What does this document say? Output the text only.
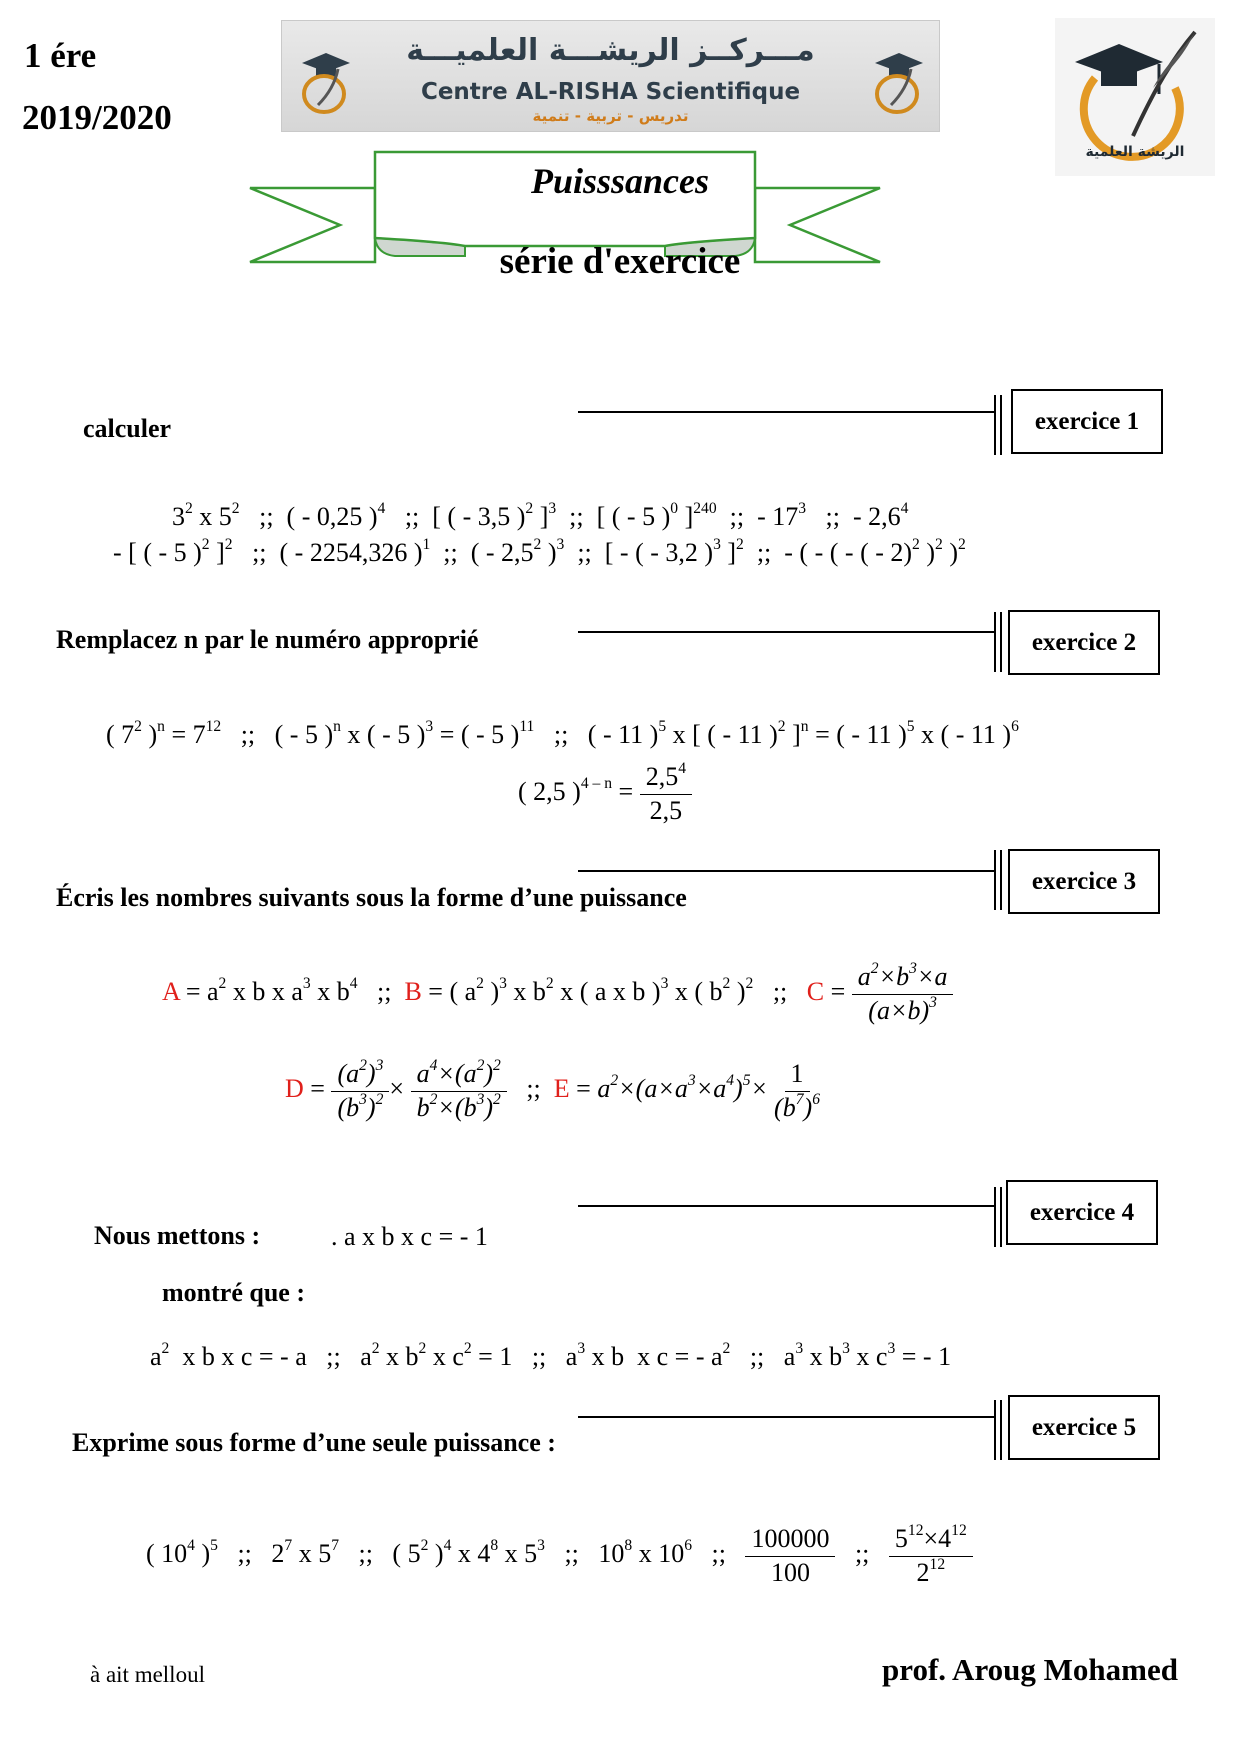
1 ére
2019/2020
مـــركــز الريشـــة العلميـــة
Centre AL-RISHA Scientifique
تدريس - تربية - تنمية
الريشة العلمية
Puisssances
série d'exercice
exercice 1
calculer
$3^2$ x $5^2$   ;;  ( - 0,25 )$^4$   ;;  [ ( - 3,5 )$^2$ ]$^3$  ;;  [ ( - 5 )$^0$ ]$^{240}$  ;;  - $17^3$   ;;  - $2,6^4$
- [ ( - 5 )$^2$ ]$^2$   ;;  ( - 2254,326 )$^1$  ;;  ( - $2,5^2$ )$^3$  ;;  [ - ( - 3,2 )$^3$ ]$^2$  ;;  - ( - ( - ( - 2)$^2$ )$^2$ )$^2$
exercice 2
Remplacez n par le numéro approprié
( $7^2$ )$^n = 7^{12}$   ;;   ( - 5 )$^n$ x ( - 5 )$^3$ = ( - 5 )$^{11}$   ;;   ( - 11 )$^5$ x [ ( - 11 )$^2$ ]$^n$ = ( - 11 )$^5$ x ( - 11 )$^6$
( 2,5 )$^{4 - n} = \frac{2,5^4}{2,5}$
exercice 3
Écris les nombres suivants sous la forme d’une puissance
$A = a^2$ x b x $a^3$ x $b^4$   ;;  B = ( $a^2$ )$^3$ x $b^2$ x ( a x b )$^3$ x ( $b^2$ )$^2$   ;;   $C = \frac{a^2\times b^3\times a}{(a\times b)^3}$
$D = \frac{(a^2)^3}{(b^3)^2} \times \frac{a^4\times(a^2)^2}{b^2\times(b^3)^2}$ ;;  $E = a^2\times(a\times a^3\times a^4)^5\times \frac{1}{(b^7)^6}$
exercice 4
Nous mettons :	. a x b x c = - 1
montré que :
$a^2$  x b x c = - a   ;;   $a^2$ x $b^2$ x $c^2 = 1$   ;;   $a^3$ x b  x c = - $a^2$   ;;   $a^3$ x $b^3$ x $c^3$ = - 1
exercice 5
Exprime sous forme d’une seule puissance :
( $10^4$ )$^5$   ;;   $2^7$ x $5^7$   ;;   ( $5^2$ )$^4$ x $4^8$ x $5^3$   ;;   $10^8$ x $10^6$   ;; $\frac{100000}{100}$ ;; $\frac{5^{12}\times 4^{12}}{2^{12}}$
à ait melloul	prof. Aroug Mohamed
